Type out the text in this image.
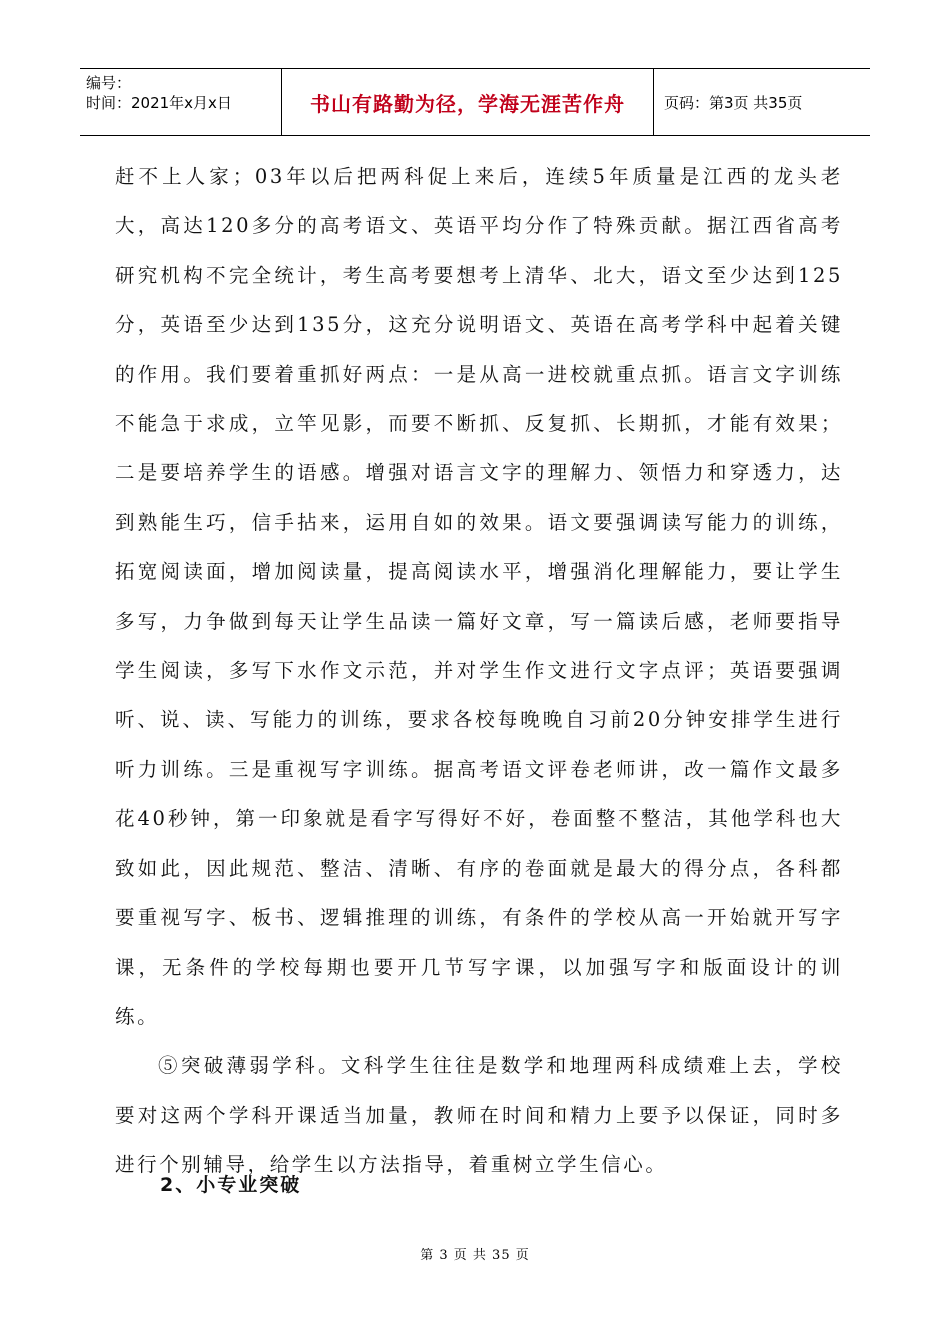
编号：
时间：2021年x月x日	书山有路勤为径，学海无涯苦作舟	页码：第3页 共35页

赶不上人家；03年以后把两科促上来后，连续5年质量是江西的龙头老大，高达120多分的高考语文、英语平均分作了特殊贡献。据江西省高考研究机构不完全统计，考生高考要想考上清华、北大，语文至少达到125分，英语至少达到135分，这充分说明语文、英语在高考学科中起着关键的作用。我们要着重抓好两点：一是从高一进校就重点抓。语言文字训练不能急于求成，立竿见影，而要不断抓、反复抓、长期抓，才能有效果；二是要培养学生的语感。增强对语言文字的理解力、领悟力和穿透力，达到熟能生巧，信手拈来，运用自如的效果。语文要强调读写能力的训练，拓宽阅读面，增加阅读量，提高阅读水平，增强消化理解能力，要让学生多写，力争做到每天让学生品读一篇好文章，写一篇读后感，老师要指导学生阅读，多写下水作文示范，并对学生作文进行文字点评；英语要强调听、说、读、写能力的训练，要求各校每晚晚自习前20分钟安排学生进行听力训练。三是重视写字训练。据高考语文评卷老师讲，改一篇作文最多花40秒钟，第一印象就是看字写得好不好，卷面整不整洁，其他学科也大致如此，因此规范、整洁、清晰、有序的卷面就是最大的得分点，各科都要重视写字、板书、逻辑推理的训练，有条件的学校从高一开始就开写字课，无条件的学校每期也要开几节写字课，以加强写字和版面设计的训练。

⑤突破薄弱学科。文科学生往往是数学和地理两科成绩难上去，学校要对这两个学科开课适当加量，教师在时间和精力上要予以保证，同时多进行个别辅导，给学生以方法指导，着重树立学生信心。

2、小专业突破
第 3 页 共 35 页
